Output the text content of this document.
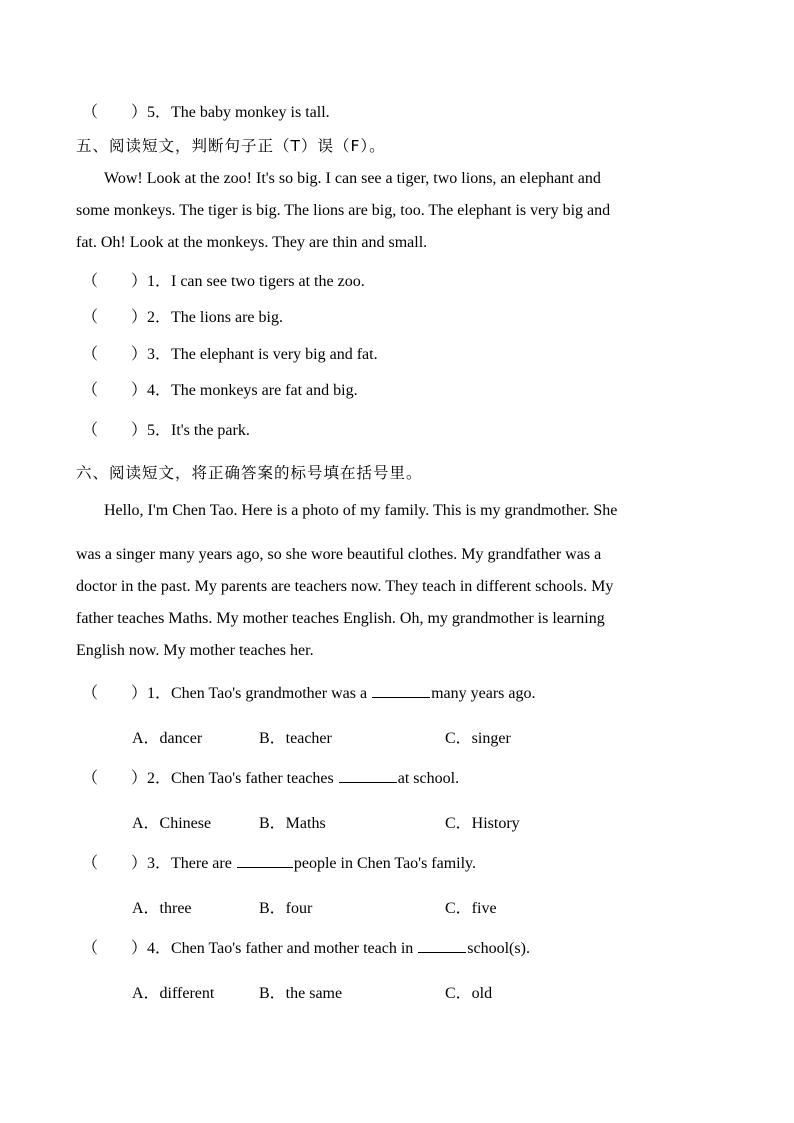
（ ） 5．The baby monkey is tall.
五、阅读短文，判断句子正（T）误（F）。
Wow! Look at the zoo! It's so big. I can see a tiger, two lions, an elephant and
some monkeys. The tiger is big. The lions are big, too. The elephant is very big and
fat. Oh! Look at the monkeys. They are thin and small.
（ ） 1．I can see two tigers at the zoo.
（ ） 2．The lions are big.
（ ） 3．The elephant is very big and fat.
（ ） 4．The monkeys are fat and big.
（ ） 5．It's the park.
六、阅读短文，将正确答案的标号填在括号里。
Hello, I'm Chen Tao. Here is a photo of my family. This is my grandmother. She
was a singer many years ago, so she wore beautiful clothes. My grandfather was a
doctor in the past. My parents are teachers now. They teach in different schools. My
father teaches Maths. My mother teaches English. Oh, my grandmother is learning
English now. My mother teaches her.
（ ） 1．Chen Tao's grandmother was a	many years ago.
A．dancer	B．teacher	C．singer
（ ） 2．Chen Tao's father teaches	at school.
A．Chinese	B．Maths	C．History
（ ） 3．There are	people in Chen Tao's family.
A．three	B．four	C．five
（ ） 4．Chen Tao's father and mother teach in	school(s).
A．different	B．the same	C．old
